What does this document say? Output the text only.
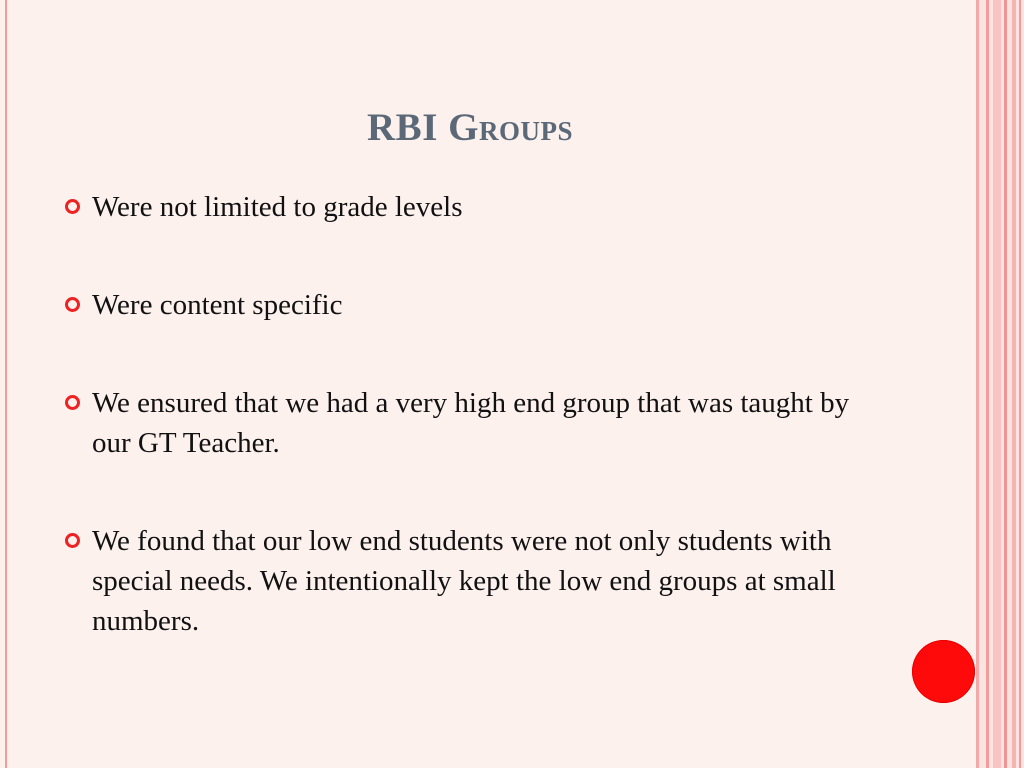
RBI Groups
Were not limited to grade levels
Were content specific
We ensured that we had a very high end group that was taught by our GT Teacher.
We found that our low end students were not only students with special needs. We intentionally kept the low end groups at small numbers.
